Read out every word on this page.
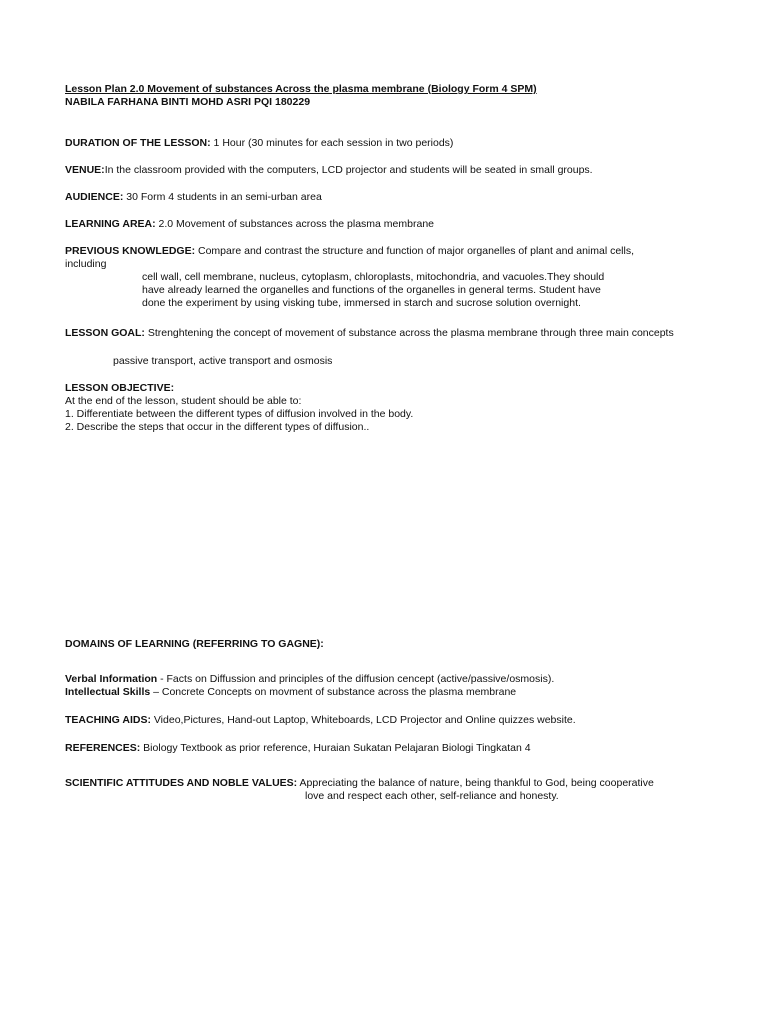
Lesson Plan 2.0 Movement of substances Across the plasma membrane (Biology Form 4 SPM)
NABILA FARHANA BINTI MOHD ASRI PQI 180229
DURATION OF THE LESSON: 1 Hour (30 minutes for each session in two periods)
VENUE:In the classroom provided with the computers, LCD projector and students will be seated in small groups.
AUDIENCE: 30 Form 4 students in an semi-urban area
LEARNING AREA: 2.0 Movement of substances across the plasma membrane
PREVIOUS KNOWLEDGE: Compare and contrast the structure and function of major organelles of plant and animal cells,
including
cell wall, cell membrane, nucleus, cytoplasm, chloroplasts, mitochondria, and vacuoles.They should
have already learned the organelles and functions of the organelles in general terms. Student have
done the experiment by using visking tube, immersed in starch and sucrose solution overnight.
LESSON GOAL: Strenghtening the concept of movement of substance across the plasma membrane through three main concepts
passive transport, active transport and osmosis
LESSON OBJECTIVE:
At the end of the lesson, student should be able to:
1. Differentiate between the different types of diffusion involved in the body.
2. Describe the steps that occur in the different types of diffusion..
DOMAINS OF LEARNING (REFERRING TO GAGNE):
Verbal Information - Facts on Diffussion and principles of the diffusion cencept (active/passive/osmosis).
Intellectual Skills – Concrete Concepts on movment of substance across the plasma membrane
TEACHING AIDS: Video,Pictures, Hand-out Laptop, Whiteboards, LCD Projector and Online quizzes website.
REFERENCES: Biology Textbook as prior reference, Huraian Sukatan Pelajaran Biologi Tingkatan 4
SCIENTIFIC ATTITUDES AND NOBLE VALUES: Appreciating the balance of nature, being thankful to God, being cooperative
love and respect each other, self-reliance and honesty.
